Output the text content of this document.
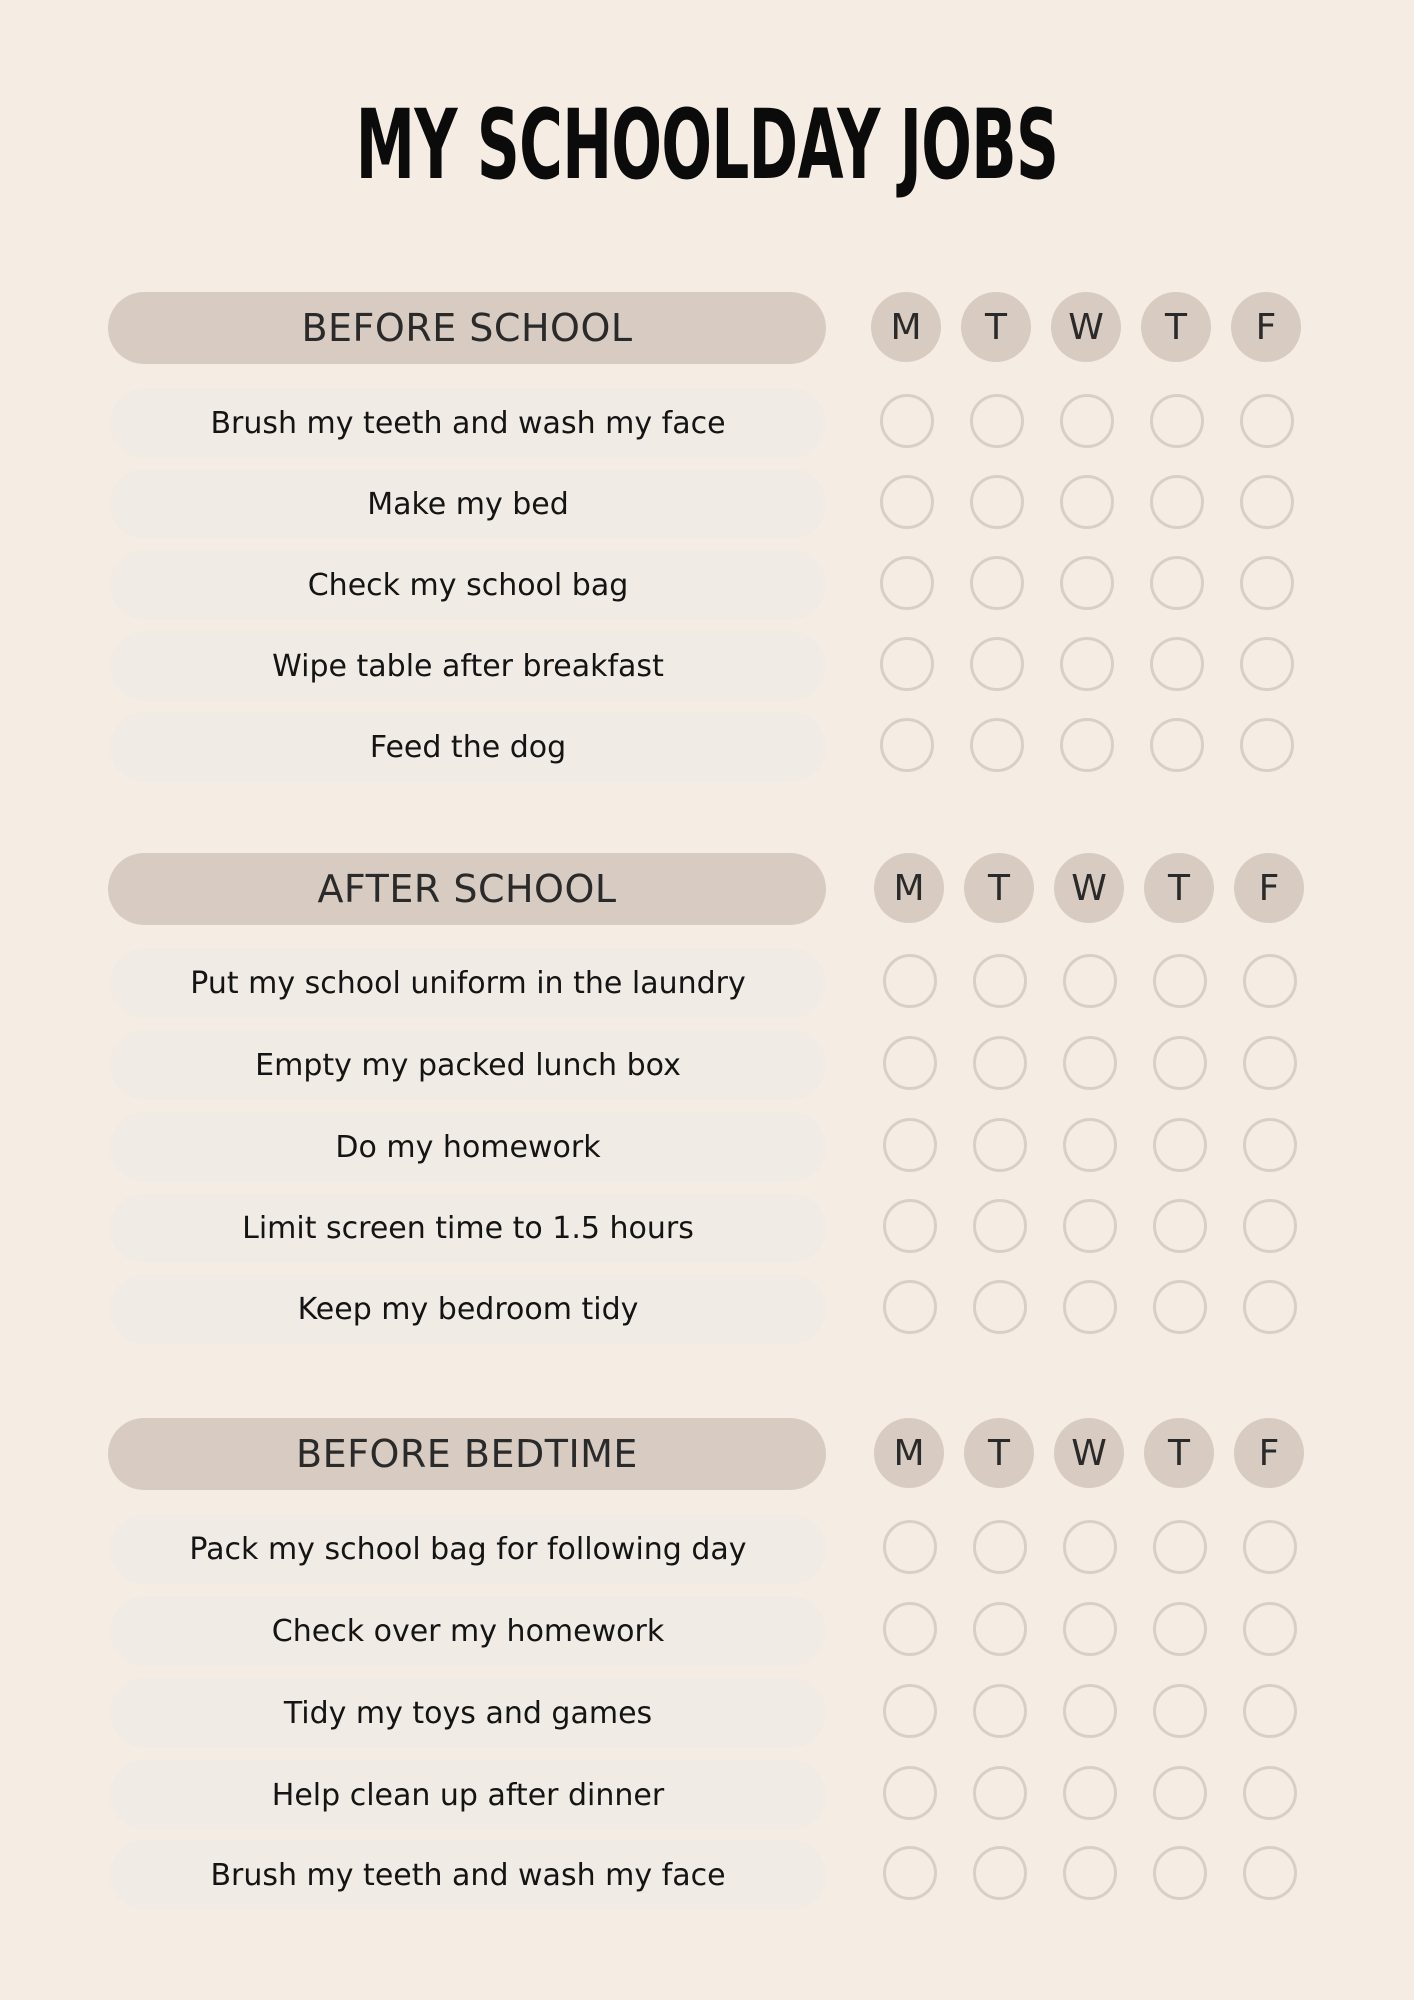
MY SCHOOLDAY JOBS
BEFORE SCHOOL	M	T	W	T	F
Brush my teeth and wash my face
Make my bed
Check my school bag
Wipe table after breakfast
Feed the dog
AFTER SCHOOL	M	T	W	T	F
Put my school uniform in the laundry
Empty my packed lunch box
Do my homework
Limit screen time to 1.5 hours
Keep my bedroom tidy
BEFORE BEDTIME	M	T	W	T	F
Pack my school bag for following day
Check over my homework
Tidy my toys and games
Help clean up after dinner
Brush my teeth and wash my face
